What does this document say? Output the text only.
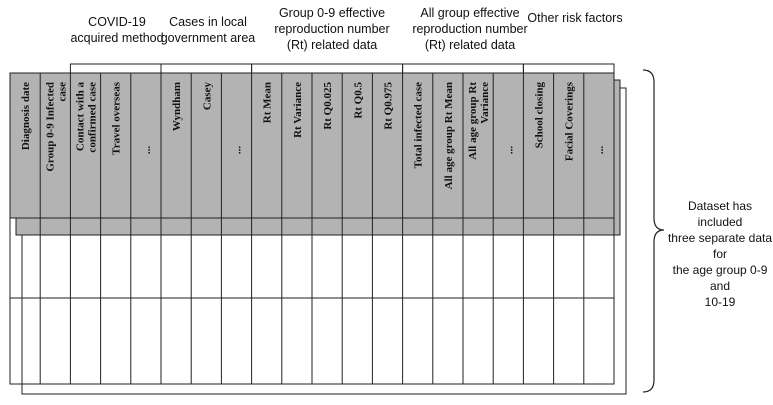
Diagnosis date Group 0-9 Infected case Contact with a confirmed case Travel overseas ...
Wyndham Casey
...
Rt Mean Rt Variance Rt Q0.025 Rt Q0.5 Rt Q0.975 Total infected case All age group Rt Mean All age group Rt Variance
...
School closing Facial Coverings ...
COVID-19
acquired method
Cases in local
government area
Group 0-9 effective
reproduction number
(Rt) related data
All group effective
reproduction number
(Rt) related data
Other risk factors
Dataset has included
three separate data for
the age group 0-9 and
10-19
